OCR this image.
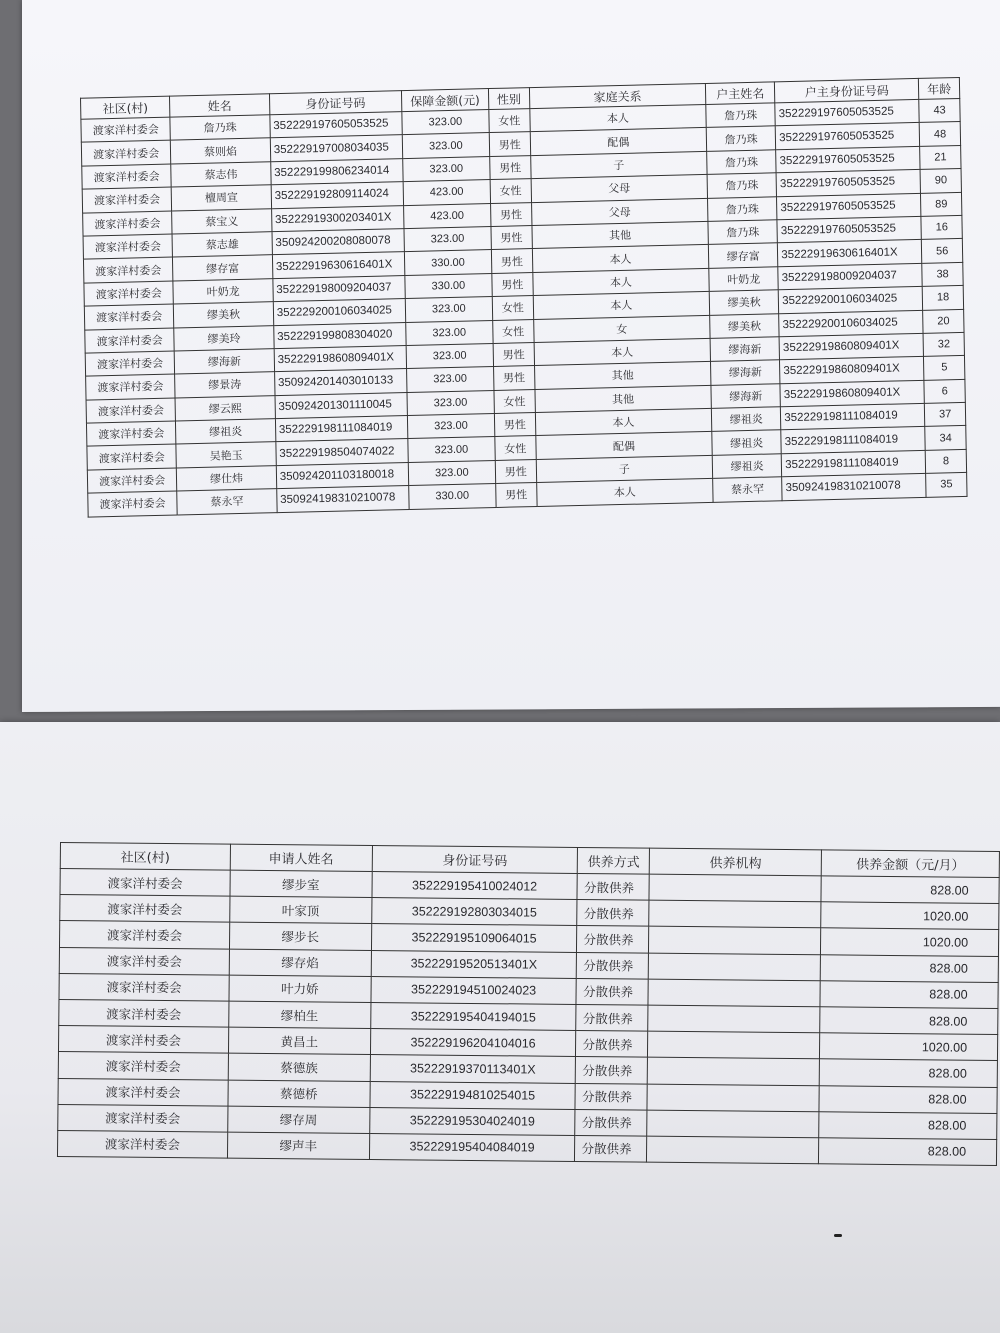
社区(村)	姓名	身份证号码	保障金额(元)	性别	家庭关系	户主姓名	户主身份证号码	年龄
渡家洋村委会	詹乃珠	352229197605053525	323.00	女性	本人	詹乃珠	352229197605053525	43
渡家洋村委会	蔡则焰	352229197008034035	323.00	男性	配偶	詹乃珠	352229197605053525	48
渡家洋村委会	蔡志伟	352229199806234014	323.00	男性	子	詹乃珠	352229197605053525	21
渡家洋村委会	檀周宣	352229192809114024	423.00	女性	父母	詹乃珠	352229197605053525	90
渡家洋村委会	蔡宝义	35222919300203401X	423.00	男性	父母	詹乃珠	352229197605053525	89
渡家洋村委会	蔡志雄	350924200208080078	323.00	男性	其他	詹乃珠	352229197605053525	16
渡家洋村委会	缪存富	35222919630616401X	330.00	男性	本人	缪存富	35222919630616401X	56
渡家洋村委会	叶奶龙	352229198009204037	330.00	男性	本人	叶奶龙	352229198009204037	38
渡家洋村委会	缪美秋	352229200106034025	323.00	女性	本人	缪美秋	352229200106034025	18
渡家洋村委会	缪美玲	352229199808304020	323.00	女性	女	缪美秋	352229200106034025	20
渡家洋村委会	缪海新	35222919860809401X	323.00	男性	本人	缪海新	35222919860809401X	32
渡家洋村委会	缪景涛	350924201403010133	323.00	男性	其他	缪海新	35222919860809401X	5
渡家洋村委会	缪云熙	350924201301110045	323.00	女性	其他	缪海新	35222919860809401X	6
渡家洋村委会	缪祖炎	352229198111084019	323.00	男性	本人	缪祖炎	352229198111084019	37
渡家洋村委会	吴艳玉	352229198504074022	323.00	女性	配偶	缪祖炎	352229198111084019	34
渡家洋村委会	缪仕炜	350924201103180018	323.00	男性	子	缪祖炎	352229198111084019	8
渡家洋村委会	蔡永罕	350924198310210078	330.00	男性	本人	蔡永罕	350924198310210078	35
社区(村)	申请人姓名	身份证号码	供养方式	供养机构	供养金额（元/月）
渡家洋村委会	缪步室	352229195410024012	分散供养		828.00
渡家洋村委会	叶家顶	352229192803034015	分散供养		1020.00
渡家洋村委会	缪步长	352229195109064015	分散供养		1020.00
渡家洋村委会	缪存焰	35222919520513401X	分散供养		828.00
渡家洋村委会	叶力娇	352229194510024023	分散供养		828.00
渡家洋村委会	缪柏生	352229195404194015	分散供养		828.00
渡家洋村委会	黄昌土	352229196204104016	分散供养		1020.00
渡家洋村委会	蔡德族	35222919370113401X	分散供养		828.00
渡家洋村委会	蔡德桥	352229194810254015	分散供养		828.00
渡家洋村委会	缪存周	352229195304024019	分散供养		828.00
渡家洋村委会	缪声丰	352229195404084019	分散供养		828.00
